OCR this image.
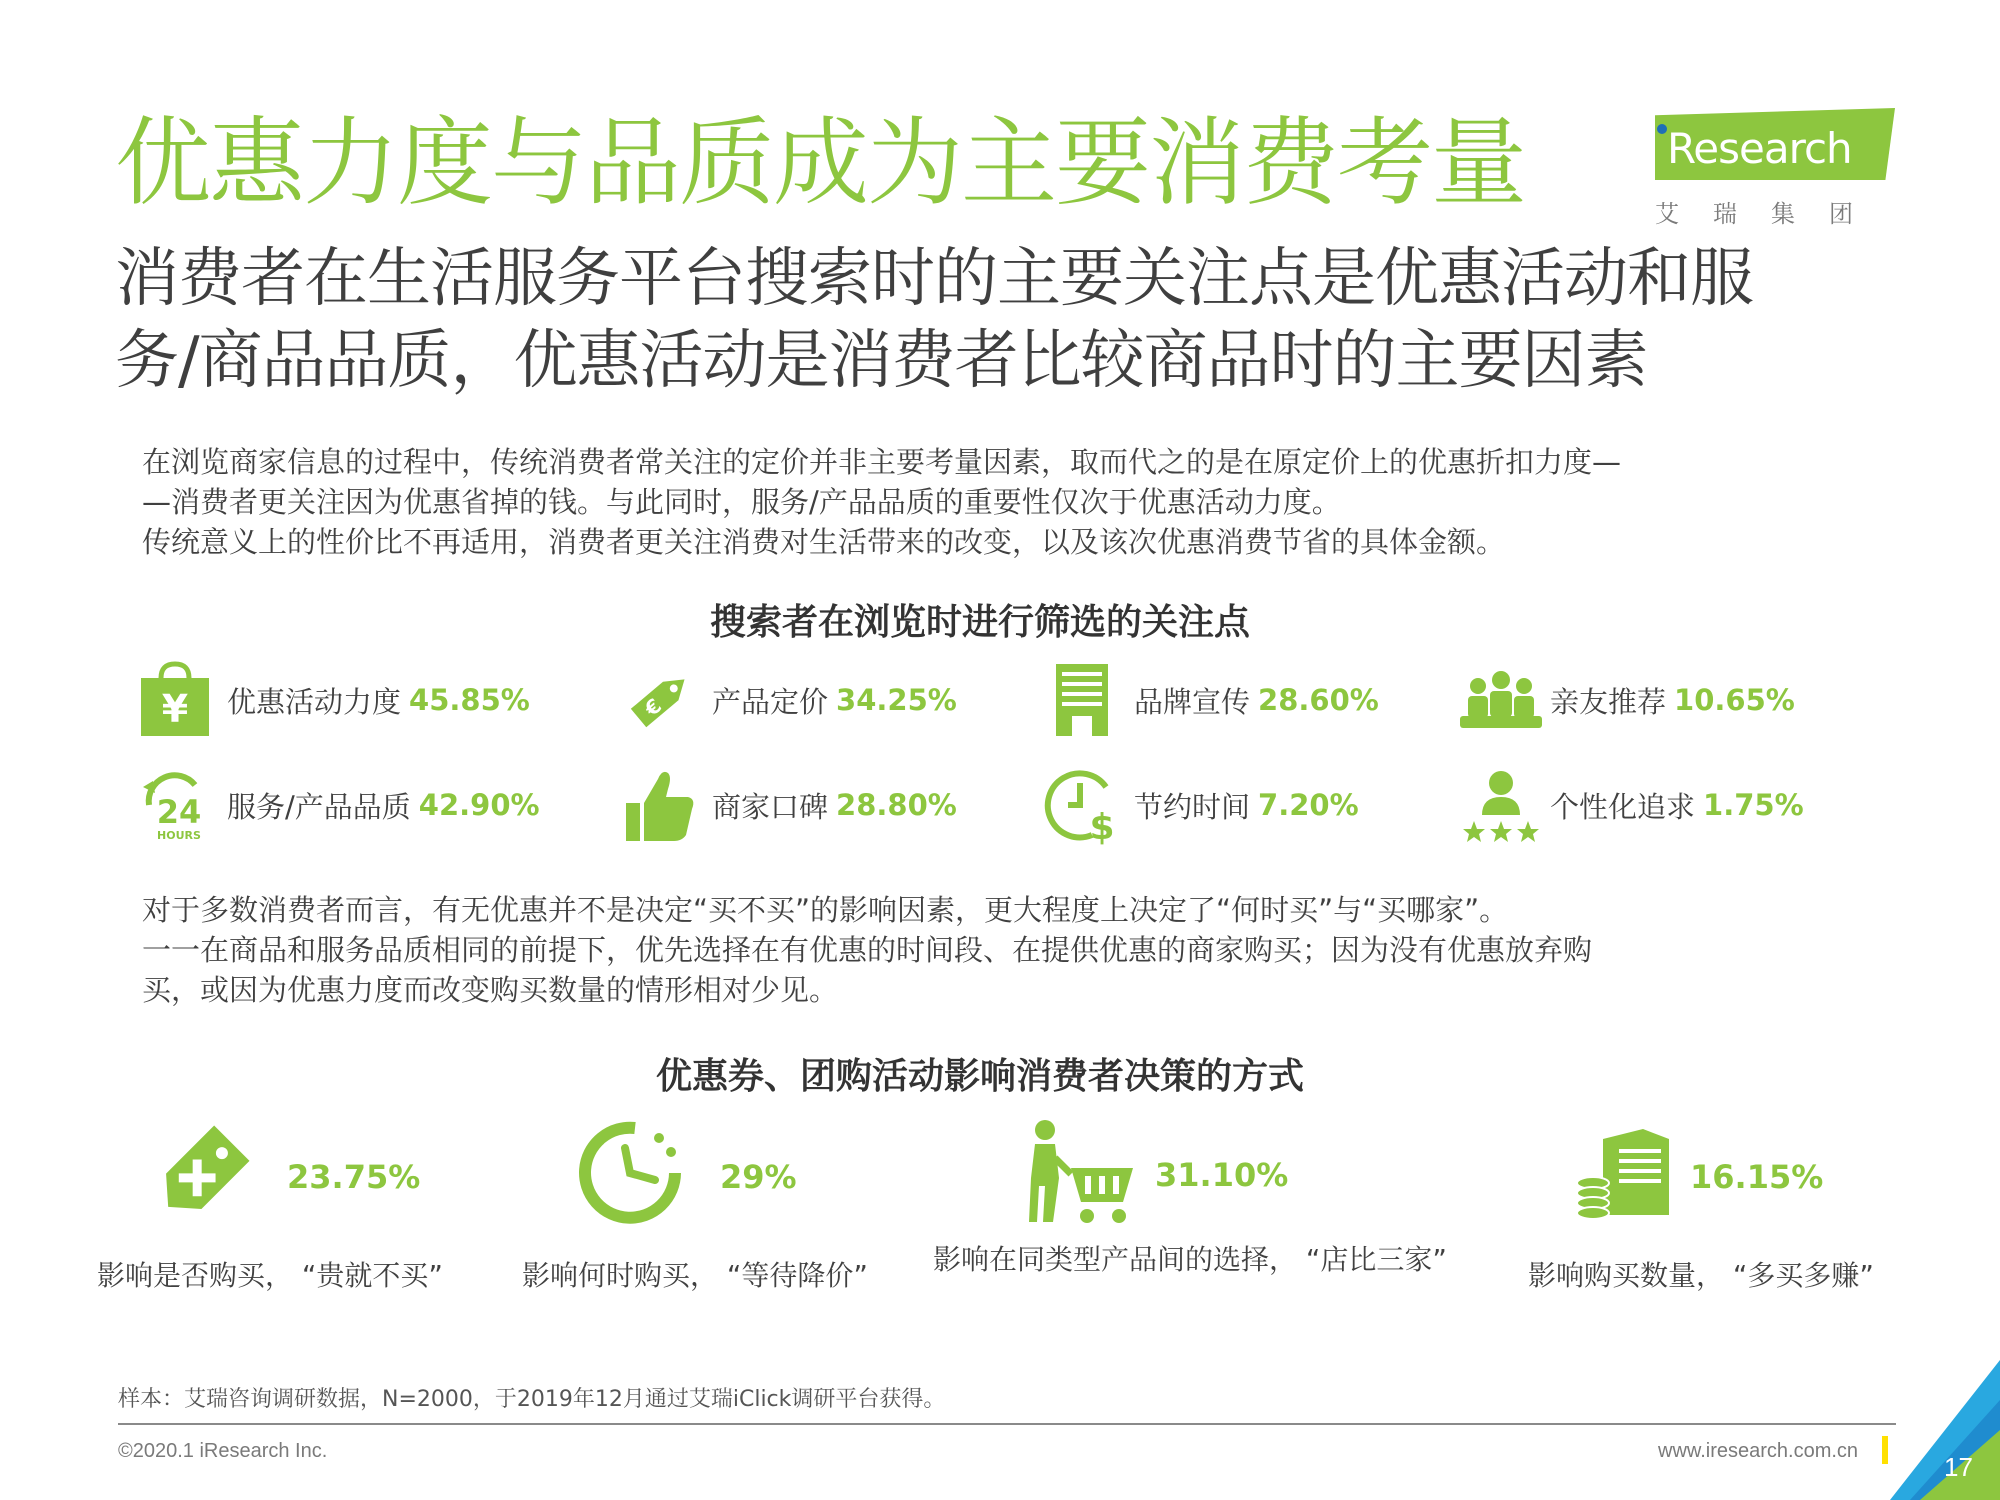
优惠力度与品质成为主要消费考量	Research
艾瑞集团
消费者在生活服务平台搜索时的主要关注点是优惠活动和服
务/商品品质，优惠活动是消费者比较商品时的主要因素
在浏览商家信息的过程中，传统消费者常关注的定价并非主要考量因素，取而代之的是在原定价上的优惠折扣力度—
—消费者更关注因为优惠省掉的钱。与此同时，服务/产品品质的重要性仅次于优惠活动力度。
传统意义上的性价比不再适用，消费者更关注消费对生活带来的改变，以及该次优惠消费节省的具体金额。
搜索者在浏览时进行筛选的关注点
¥ 优惠活动力度 45.85%	€ 产品定价 34.25%	品牌宣传 28.60%	亲友推荐 10.65%
24
HOURS
服务/产品品质 42.90%	商家口碑 28.80%
$
节约时间 7.20%	个性化追求 1.75%
对于多数消费者而言，有无优惠并不是决定“买不买”的影响因素，更大程度上决定了“何时买”与“买哪家”。
一一在商品和服务品质相同的前提下，优先选择在有优惠的时间段、在提供优惠的商家购买；因为没有优惠放弃购
买，或因为优惠力度而改变购买数量的情形相对少见。
优惠券、团购活动影响消费者决策的方式
23.75%
影响是否购买， “贵就不买”
29%
影响何时购买， “等待降价”
31.10%
影响在同类型产品间的选择， “店比三家”
16.15%
影响购买数量， “多买多赚”
样本：艾瑞咨询调研数据，N=2000，于2019年12月通过艾瑞iClick调研平台获得。
©2020.1 iResearch Inc.	www.iresearch.com.cn
17
